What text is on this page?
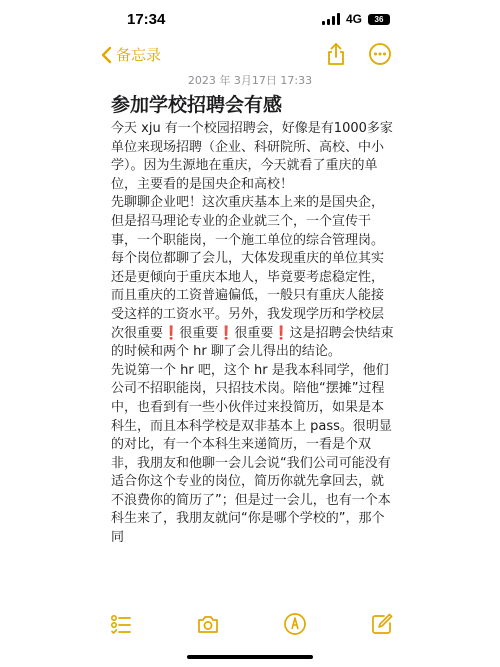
17:34	4G 36
备忘录
2023 年 3月17日 17:33
参加学校招聘会有感

今天 xju 有一个校园招聘会，好像是有1000多家单位来现场招聘（企业、科研院所、高校、中小学）。因为生源地在重庆，今天就看了重庆的单位，主要看的是国央企和高校！

先聊聊企业吧！这次重庆基本上来的是国央企，但是招马理论专业的企业就三个，一个宣传干事，一个职能岗，一个施工单位的综合管理岗。每个岗位都聊了会儿，大体发现重庆的单位其实还是更倾向于重庆本地人，毕竟要考虑稳定性，而且重庆的工资普遍偏低，一般只有重庆人能接受这样的工资水平。另外，我发现学历和学校层次很重要❗很重要❗很重要❗这是招聘会快结束的时候和两个 hr 聊了会儿得出的结论。

先说第一个 hr 吧，这个 hr 是我本科同学，他们公司不招职能岗，只招技术岗。陪他“摆摊”过程中，也看到有一些小伙伴过来投简历，如果是本科生，而且本科学校是双非基本上 pass。很明显的对比，有一个本科生来递简历，一看是个双非，我朋友和他聊一会儿会说“我们公司可能没有适合你这个专业的岗位，简历你就先拿回去，就不浪费你的简历了”；但是过一会儿，也有一个本科生来了，我朋友就问“你是哪个学校的”，那个同
